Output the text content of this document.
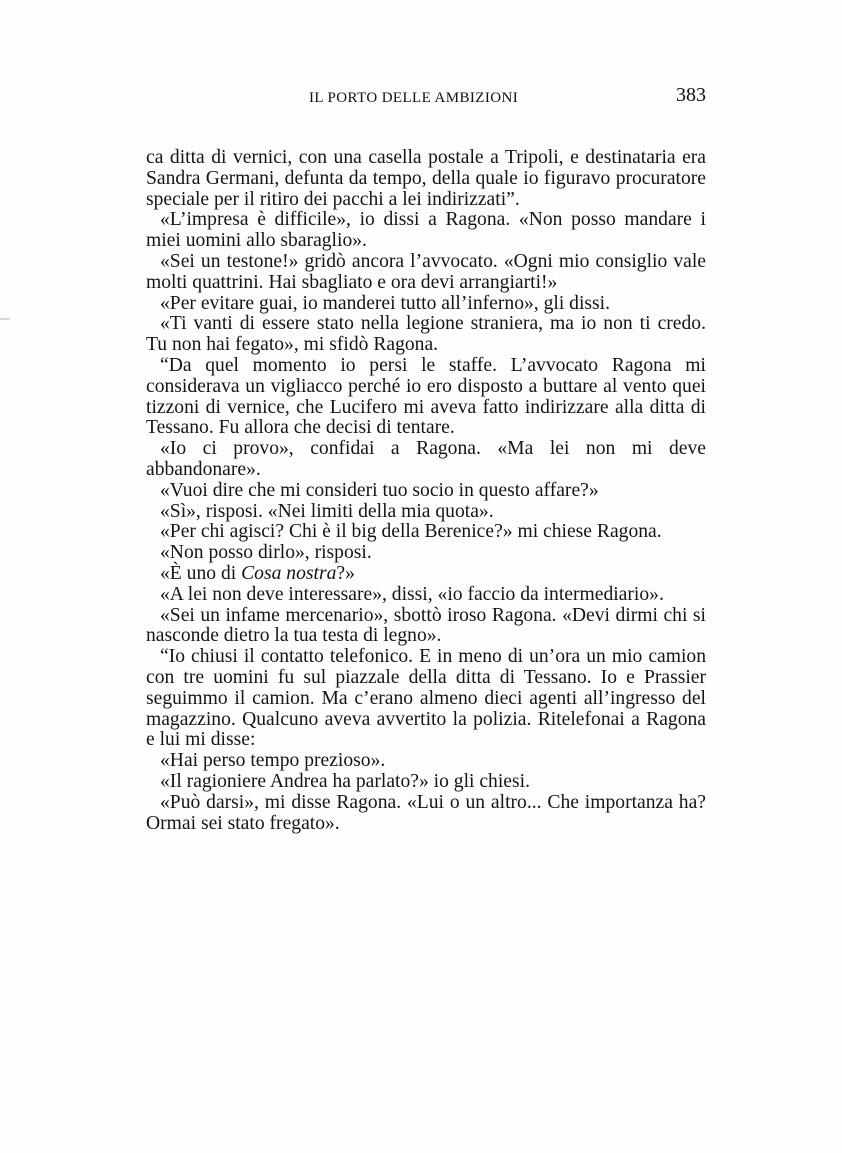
IL PORTO DELLE AMBIZIONI	383

ca ditta di vernici, con una casella postale a Tripoli, e destinataria era Sandra Germani, defunta da tempo, della quale io figuravo procuratore speciale per il ritiro dei pacchi a lei indirizzati”.

«L’impresa è difficile», io dissi a Ragona. «Non posso mandare i miei uomini allo sbaraglio».

«Sei un testone!» gridò ancora l’avvocato. «Ogni mio consiglio vale molti quattrini. Hai sbagliato e ora devi arrangiarti!»

«Per evitare guai, io manderei tutto all’inferno», gli dissi.

«Ti vanti di essere stato nella legione straniera, ma io non ti credo. Tu non hai fegato», mi sfidò Ragona.

“Da quel momento io persi le staffe. L’avvocato Ragona mi considerava un vigliacco perché io ero disposto a buttare al vento quei tizzoni di vernice, che Lucifero mi aveva fatto indirizzare alla ditta di Tessano. Fu allora che decisi di tentare.

«Io ci provo», confidai a Ragona. «Ma lei non mi deve abbandonare».

«Vuoi dire che mi consideri tuo socio in questo affare?»

«Sì», risposi. «Nei limiti della mia quota».

«Per chi agisci? Chi è il big della Berenice?» mi chiese Ragona.

«Non posso dirlo», risposi.

«È uno di Cosa nostra?»

«A lei non deve interessare», dissi, «io faccio da intermediario».

«Sei un infame mercenario», sbottò iroso Ragona. «Devi dirmi chi si nasconde dietro la tua testa di legno».

“Io chiusi il contatto telefonico. E in meno di un’ora un mio camion con tre uomini fu sul piazzale della ditta di Tessano. Io e Prassier seguimmo il camion. Ma c’erano almeno dieci agenti all’ingresso del magazzino. Qualcuno aveva avvertito la polizia. Ritelefonai a Ragona e lui mi disse:

«Hai perso tempo prezioso».

«Il ragioniere Andrea ha parlato?» io gli chiesi.

«Può darsi», mi disse Ragona. «Lui o un altro... Che importanza ha? Ormai sei stato fregato».
